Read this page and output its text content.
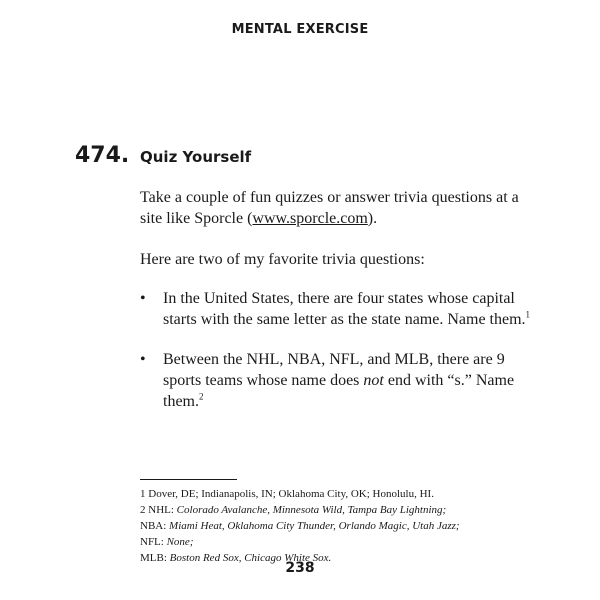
MENTAL EXERCISE
474. Quiz Yourself
Take a couple of fun quizzes or answer trivia questions at a site like Sporcle (www.sporcle.com).
Here are two of my favorite trivia questions:
• In the United States, there are four states whose capital starts with the same letter as the state name. Name them.$^1$
• Between the NHL, NBA, NFL, and MLB, there are 9 sports teams whose name does not end with “s.” Name them.$^2$
1 Dover, DE; Indianapolis, IN; Oklahoma City, OK; Honolulu, HI.
2 NHL: Colorado Avalanche, Minnesota Wild, Tampa Bay Lightning;
NBA: Miami Heat, Oklahoma City Thunder, Orlando Magic, Utah Jazz;
NFL: None;
MLB: Boston Red Sox, Chicago White Sox.
238
